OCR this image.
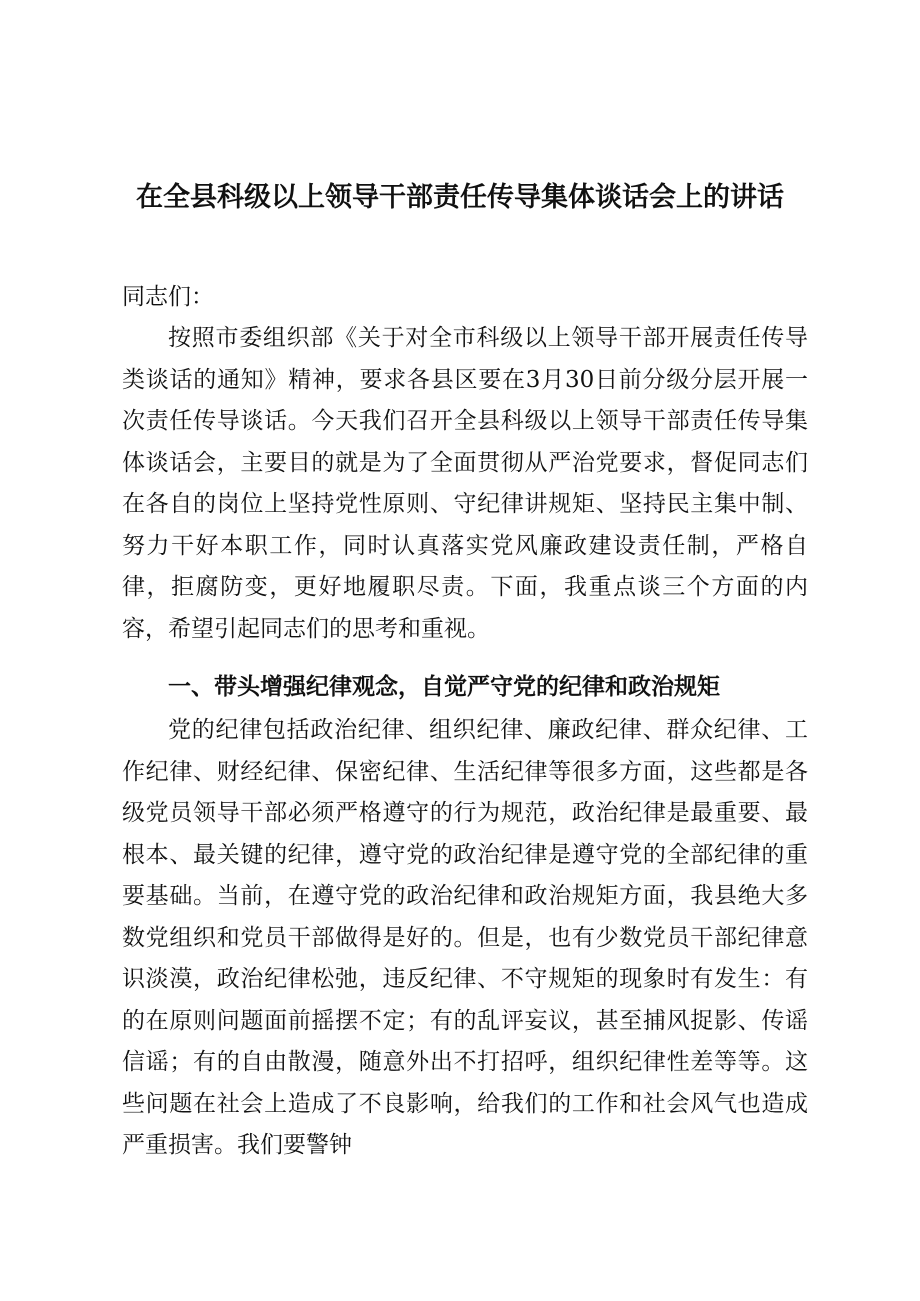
在全县科级以上领导干部责任传导集体谈话会上的讲话
同志们：

按照市委组织部《关于对全市科级以上领导干部开展责任传导类谈话的通知》精神，要求各县区要在3月30日前分级分层开展一次责任传导谈话。今天我们召开全县科级以上领导干部责任传导集体谈话会，主要目的就是为了全面贯彻从严治党要求，督促同志们在各自的岗位上坚持党性原则、守纪律讲规矩、坚持民主集中制、努力干好本职工作，同时认真落实党风廉政建设责任制，严格自律，拒腐防变，更好地履职尽责。下面，我重点谈三个方面的内容，希望引起同志们的思考和重视。

一、带头增强纪律观念，自觉严守党的纪律和政治规矩

党的纪律包括政治纪律、组织纪律、廉政纪律、群众纪律、工作纪律、财经纪律、保密纪律、生活纪律等很多方面，这些都是各级党员领导干部必须严格遵守的行为规范，政治纪律是最重要、最根本、最关键的纪律，遵守党的政治纪律是遵守党的全部纪律的重要基础。当前，在遵守党的政治纪律和政治规矩方面，我县绝大多数党组织和党员干部做得是好的。但是，也有少数党员干部纪律意识淡漠，政治纪律松弛，违反纪律、不守规矩的现象时有发生：有的在原则问题面前摇摆不定；有的乱评妄议，甚至捕风捉影、传谣信谣；有的自由散漫，随意外出不打招呼，组织纪律性差等等。这些问题在社会上造成了不良影响，给我们的工作和社会风气也造成严重损害。我们要警钟
